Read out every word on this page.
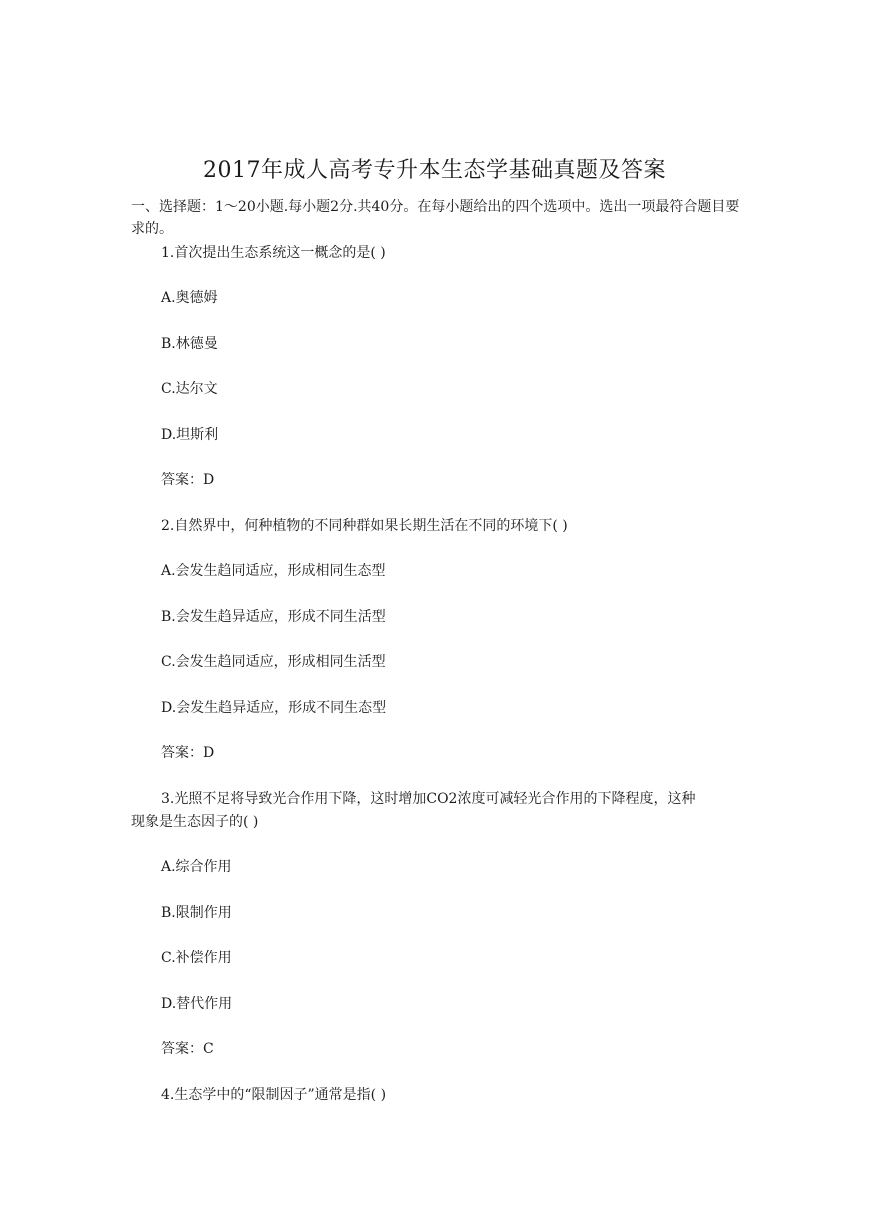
2017年成人高考专升本生态学基础真题及答案
一、选择题：1～20小题.每小题2分.共40分。在每小题给出的四个选项中。选出一项最符合题目要求的。
1.首次提出生态系统这一概念的是( )
A.奥德姆
B.林德曼
C.达尔文
D.坦斯利
答案：D
2.自然界中，何种植物的不同种群如果长期生活在不同的环境下( )
A.会发生趋同适应，形成相同生态型
B.会发生趋异适应，形成不同生活型
C.会发生趋同适应，形成相同生活型
D.会发生趋异适应，形成不同生态型
答案：D
3.光照不足将导致光合作用下降，这时增加CO2浓度可减轻光合作用的下降程度，这种
现象是生态因子的( )
A.综合作用
B.限制作用
C.补偿作用
D.替代作用
答案：C
4.生态学中的“限制因子”通常是指( )
